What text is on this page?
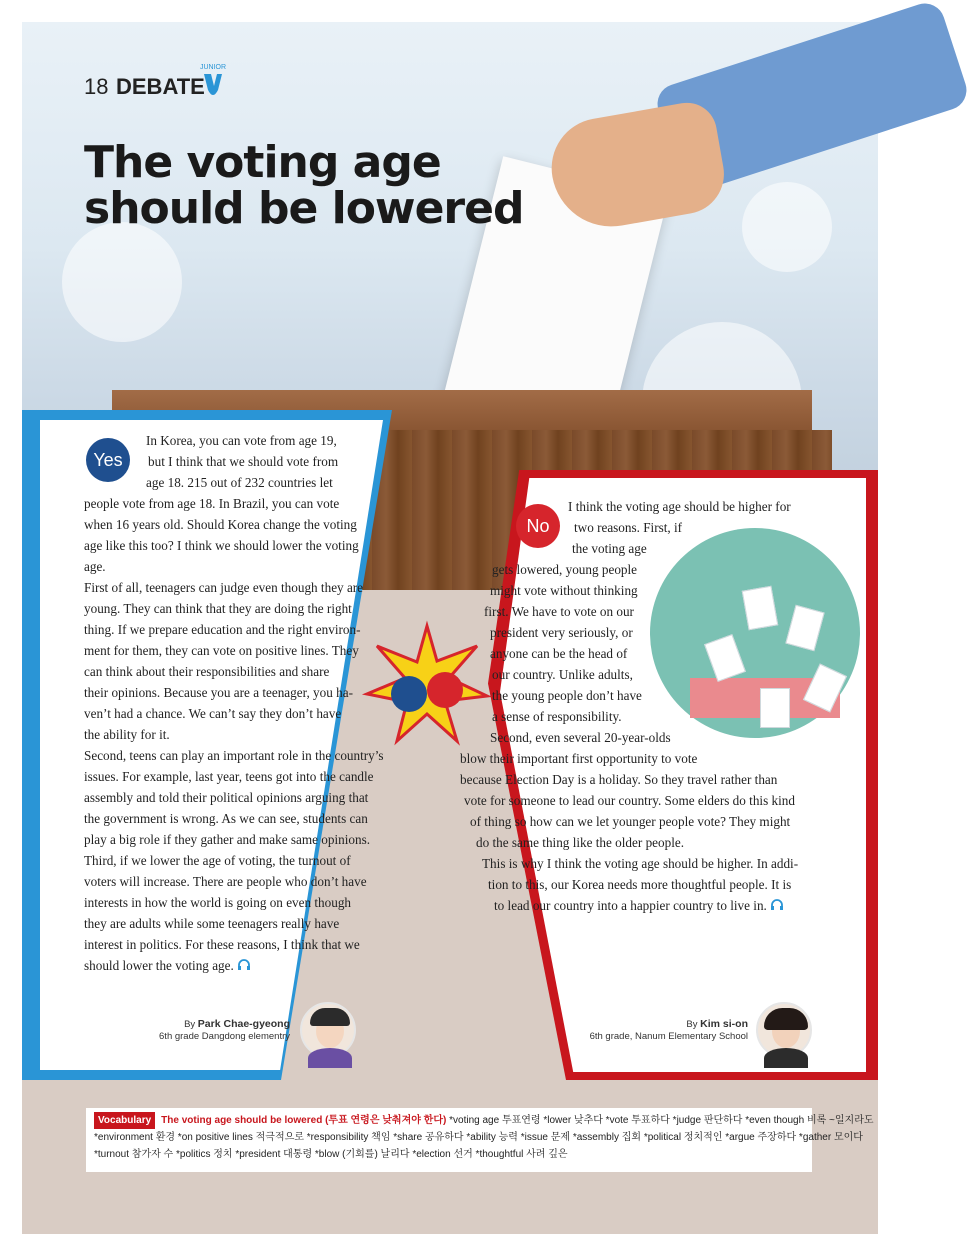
18 DEBATE
JUNIOR
The voting age
should be lowered
Yes
No

In Korea, you can vote from age 19,

but I think that we should vote from

age 18. 215 out of 232 countries let

people vote from age 18. In Brazil, you can vote

when 16 years old. Should Korea change the voting

age like this too? I think we should lower the voting

age.

First of all, teenagers can judge even though they are

young. They can think that they are doing the right

thing. If we prepare education and the right environ-

ment for them, they can vote on positive lines. They

can think about their responsibilities and share

their opinions. Because you are a teenager, you ha-

ven’t had a chance. We can’t say they don’t have

the ability for it.

Second, teens can play an important role in the country’s

issues. For example, last year, teens got into the candle

assembly and told their political opinions arguing that

the government is wrong. As we can see, students can

play a big role if they gather and make same opinions.

Third, if we lower the age of voting, the turnout of

voters will increase. There are people who don’t have

interests in how the world is going on even though

they are adults while some teenagers really have

interest in politics. For these reasons, I think that we

should lower the voting age.

I think the voting age should be higher for

two reasons. First, if

the voting age

gets lowered, young people

might vote without thinking

first. We have to vote on our

president very seriously, or

anyone can be the head of

our country. Unlike adults,

the young people don’t have

a sense of responsibility.

Second, even several 20-year-olds

blow their important first opportunity to vote

because Election Day is a holiday. So they travel rather than

vote for someone to lead our country. Some elders do this kind

of thing so how can we let younger people vote? They might

do the same thing like the older people.

This is why I think the voting age should be higher. In addi-

tion to this, our Korea needs more thoughtful people. It is

to lead our country into a happier country to live in.

By Park Chae-gyeong
6th grade Dangdong elementry
By Kim si-on
6th grade, Nanum Elementary School
Vocabulary The voting age should be lowered (투표 연령은 낮춰져야 한다) *voting age 투표연령 *lower 낮추다 *vote 투표하다 *judge 판단하다 *even though 비록 ~일지라도
*environment 환경 *on positive lines 적극적으로 *responsibility 책임 *share 공유하다 *ability 능력 *issue 문제 *assembly 집회 *political 정치적인 *argue 주장하다 *gather 모이다
*turnout 참가자 수 *politics 정치 *president 대통령 *blow (기회를) 날리다 *election 선거 *thoughtful 사려 깊은
